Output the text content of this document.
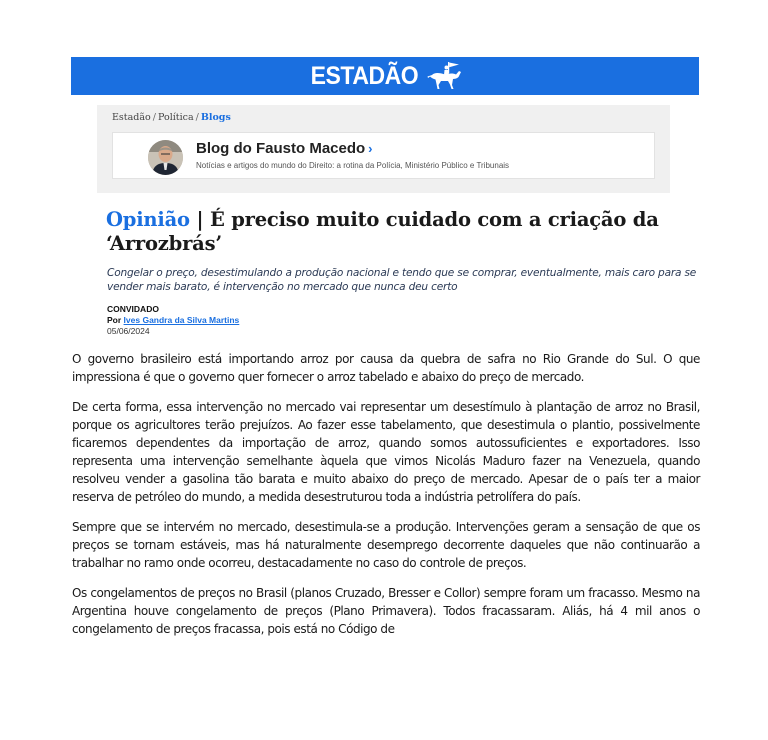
ESTADÃO
Estadão / Política / Blogs
Blog do Fausto Macedo ›
Notícias e artigos do mundo do Direito: a rotina da Polícia, Ministério Público e Tribunais
Opinião | É preciso muito cuidado com a criação da ‘Arrozbrás’

Congelar o preço, desestimulando a produção nacional e tendo que se comprar, eventualmente, mais caro para se vender mais barato, é intervenção no mercado que nunca deu certo

CONVIDADO
Por Ives Gandra da Silva Martins
05/06/2024

O governo brasileiro está importando arroz por causa da quebra de safra no Rio Grande do Sul. O que impressiona é que o governo quer fornecer o arroz tabelado e abaixo do preço de mercado.

De certa forma, essa intervenção no mercado vai representar um desestímulo à plantação de arroz no Brasil, porque os agricultores terão prejuízos. Ao fazer esse tabelamento, que desestimula o plantio, possivelmente ficaremos dependentes da importação de arroz, quando somos autossuficientes e exportadores. Isso representa uma intervenção semelhante àquela que vimos Nicolás Maduro fazer na Venezuela, quando resolveu vender a gasolina tão barata e muito abaixo do preço de mercado. Apesar de o país ter a maior reserva de petróleo do mundo, a medida desestruturou toda a indústria petrolífera do país.

Sempre que se intervém no mercado, desestimula-se a produção. Intervenções geram a sensação de que os preços se tornam estáveis, mas há naturalmente desemprego decorrente daqueles que não continuarão a trabalhar no ramo onde ocorreu, destacadamente no caso do controle de preços.

Os congelamentos de preços no Brasil (planos Cruzado, Bresser e Collor) sempre foram um fracasso. Mesmo na Argentina houve congelamento de preços (Plano Primavera). Todos fracassaram. Aliás, há 4 mil anos o congelamento de preços fracassa, pois está no Código de
